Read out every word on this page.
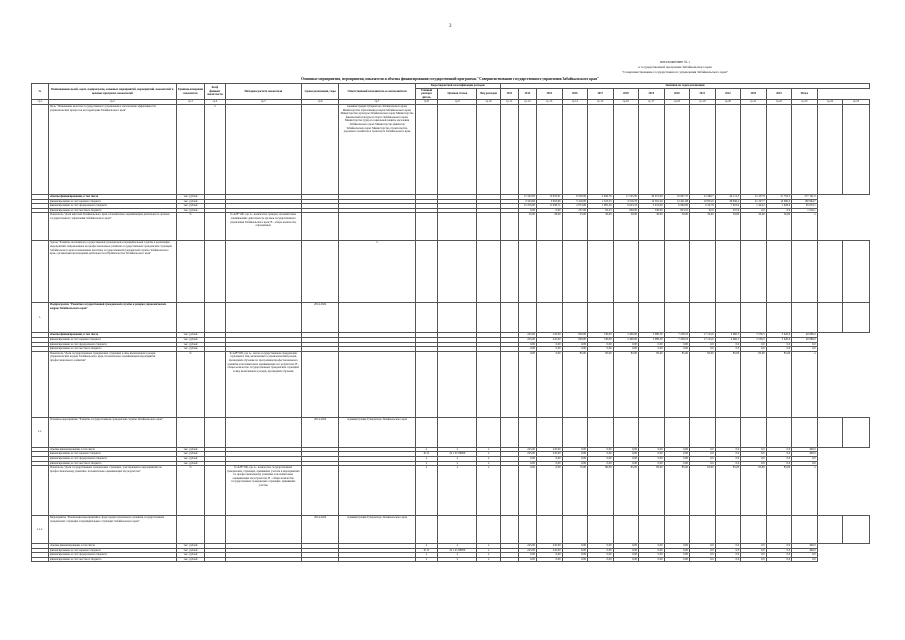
3
ПРИЛОЖЕНИЕ № 1
к государственной программе Забайкальского края
"Совершенствование государственного управления Забайкальского края"
Основные мероприятия, мероприятия, показатели и объемы финансирования государственной программы "Совершенствование государственного управления Забайкальского края"
№	Наименование целей, задач, подпрограмм, основных мероприятий, мероприятий, показателей и целевых программ, показателей	Единица измерения показателя	Коэф фициент значи мости	Методика расчета показателя	Сроки реализации, годы	Ответственный исполнитель и соисполнители	Коды бюджетной классификации расходов			Значения по годам реализации														
							Главный распоря дитель	Целевая статья	Вид расходов	2013	2014	2015	2016	2017	2018	2019	2020	2021	2022	2023	2024	Итого		
гр.1	гр.2	гр.3	гр.4	гр.5	гр.6	гр.7	гр.8	гр.9	гр.10	гр.11	гр.12	гр.13	гр.14	гр.15	гр.16	гр.17	гр.18	гр.19	гр.20	гр.21	гр.22	гр.23	гр.24	гр.25
	Цель "Повышение качества государственного управления и обеспечение эффективности управленческих процессов на территории Забайкальского края"		x			Администрация Губернатора Забайкальского края; Министерство образования и науки Забайкальского края; Министерство культуры Забайкальского края; Министерство физической культуры и спорта Забайкальского края; Министерство труда и социальной защиты населения Забайкальского края; Министерство финансов Забайкальского края; Министерство строительства, дорожного хозяйства и транспорта Забайкальского края																		
	объемы финансирования, в том числе	тыс. рублей									15 343,83	15 993,91	8 230,00	2 496,76	11 525,90	40 072,00	16 097,37	22 480,7	44 113,3	21 237,8	21 793,5	277 191,0		
	финансирование за счет краевого бюджета	тыс. рублей									2 343,66	3 903,66	5 319,00	1 523,33	4 516,70	14 391,20	12 421,68	10 823,0	36 996,2	21 227,7	14 690,3	160 994,7		
	финансирование за счет федерального бюджета	тыс. рублей									12 479,00	11 098,71	2 673,00	1 085,20	6 623,10	2 416,00	6 990,00	6 327,8	7 023,0	1 424,2	1 628,2	65 653,1		
	финансирование за счет местного бюджета	тыс. рублей									0,00	0,00	237,00	92,23	600,00	330,00	823,55	92,0	257,9	0,0	0,0	1 916,1		
	Показатель "Доля жителей Забайкальского края, положительно оценивающих деятельность органов государственного управления Забайкальского края"	%		P=A/B*100, где A - количество граждан, положительно оценивающих деятельность органов государственного управления Забайкальского края; B - общее количество опрошенных							35,00	28,00	25,00	30,00	30,00	30,00	30,00	30,00	30,00	30,00	30,00	x		
	Задача "Развитие потенциала государственной гражданской и муниципальной службы в реализации мероприятий, направленных на профессиональное развитие государственных гражданских служащих Забайкальского края и повышение престижа государственной гражданской службы Забайкальского края, организация прохождения деятельности в Правительстве Забайкальского края"					x																		
1.	Подпрограмма "Развитие государственной гражданской службы и резерва управленческих кадров Забайкальского края"				2014-2024																			
	объемы финансирования, в том числе	тыс. рублей									245,00	245,00	850,00	740,00	2 409,00	3 980,30	7 238,53	17 143,6	4 660,5	3 556,5	3 620,0	40 086,0		
	финансирование за счет краевого бюджета	тыс. рублей									245,00	245,00	850,00	740,00	2 409,00	3 980,30	7 238,53	17 143,6	4 660,5	3 556,5	3 620,0	40 086,0		
	финансирование за счет федерального бюджета	тыс. рублей									0,00	0,00	0,00	0,00	0,00	0,00	0,00	0,0	0,0	0,0	0,0	0,0		
	финансирование за счет местного бюджета	тыс. рублей									0,00	0,00	0,00	0,00	0,00	0,00	0,00	0,0	0,0	0,0	0,0	0,0		
	Показатель "Доля государственных гражданских служащих и лиц, включенных в резерв управленческих кадров Забайкальского края, положительно оценивающих мероприятия профессионального развития"	%		P=A/B*100, где A - число государственных гражданских служащих и лиц, включенных в управленческий резерв, прошедших обучение по программам профессионального развития и положительно оценивающих его результаты; B - общее количество государственных гражданских служащих и лиц, включенных в резерв, прошедших обучение							0,00	0,00	85,00	85,00	85,00	85,00	85,00	85,00	85,00	85,00	85,00	x		
1.1.	Основное мероприятие "Развитие государственной гражданской службы Забайкальского края"				2014-2024	Администрация Губернатора Забайкальского края																		
	объемы финансирования, в том числе	тыс. рублей					x	x	x		245,00	245,00	0,00	0,00	0,00	0,00	0,00	0,0	0,0	0,0	0,0	490,0		
	финансирование за счет краевого бюджета	тыс. рублей					0113	19 1 01 68000	x		245,00	245,00	0,00	0,00	0,00	0,00	0,00	0,0	0,0	0,0	0,0	490,0		
	финансирование за счет федерального бюджета	тыс. рублей					x	x	x		0,00	0,00	0,00	0,00	0,00	0,00	0,00	0,0	0,0	0,0	0,0	0,0		
	финансирование за счет местного бюджета	тыс. рублей					x	x	x		0,00	0,00	0,00	0,00	0,00	0,00	0,00	0,0	0,0	0,0	0,0	0,0		
	Показатель "Доля государственных гражданских служащих, участвующих в мероприятиях по профессиональному развитию, положительно оценивающих их результаты"	%		P=A/B*100, где A - количество государственных гражданских служащих, принявших участие в мероприятиях по профессиональному развитию и положительно оценивающих их результаты; B - общее количество государственных гражданских служащих, принявших участие			x	x	x		0,00	0,00	75,00	80,00	85,00	85,00	85,00	85,00	85,00	85,00	85,00	x		
1.1.1.	Мероприятие "Реализация мероприятий в сфере профессионального развития государственных гражданских служащих и муниципальных служащих Забайкальского края"				2014-2024	Администрация Губернатора Забайкальского края																		
	объемы финансирования, в том числе	тыс. рублей					x	x	x		245,00	245,00	0,00	0,00	0,00	0,00	0,00	0,0	0,0	0,0	0,0	490,0		
	финансирование за счет краевого бюджета	тыс. рублей					0113	19 1 01 88000	x		245,00	245,00	0,00	0,00	0,00	0,00	0,00	0,0	0,0	0,0	0,0	490,0		
	финансирование за счет федерального бюджета	тыс. рублей					x	x	x		0,00	0,00	0,00	0,00	0,00	0,00	0,00	0,0	0,0	0,0	0,0	0,0		
	финансирование за счет местного бюджета	тыс. рублей					x	x	x		0,00	0,00	0,00	0,00	0,00	0,00	0,00	0,0	0,0	0,0	0,0	0,0		
